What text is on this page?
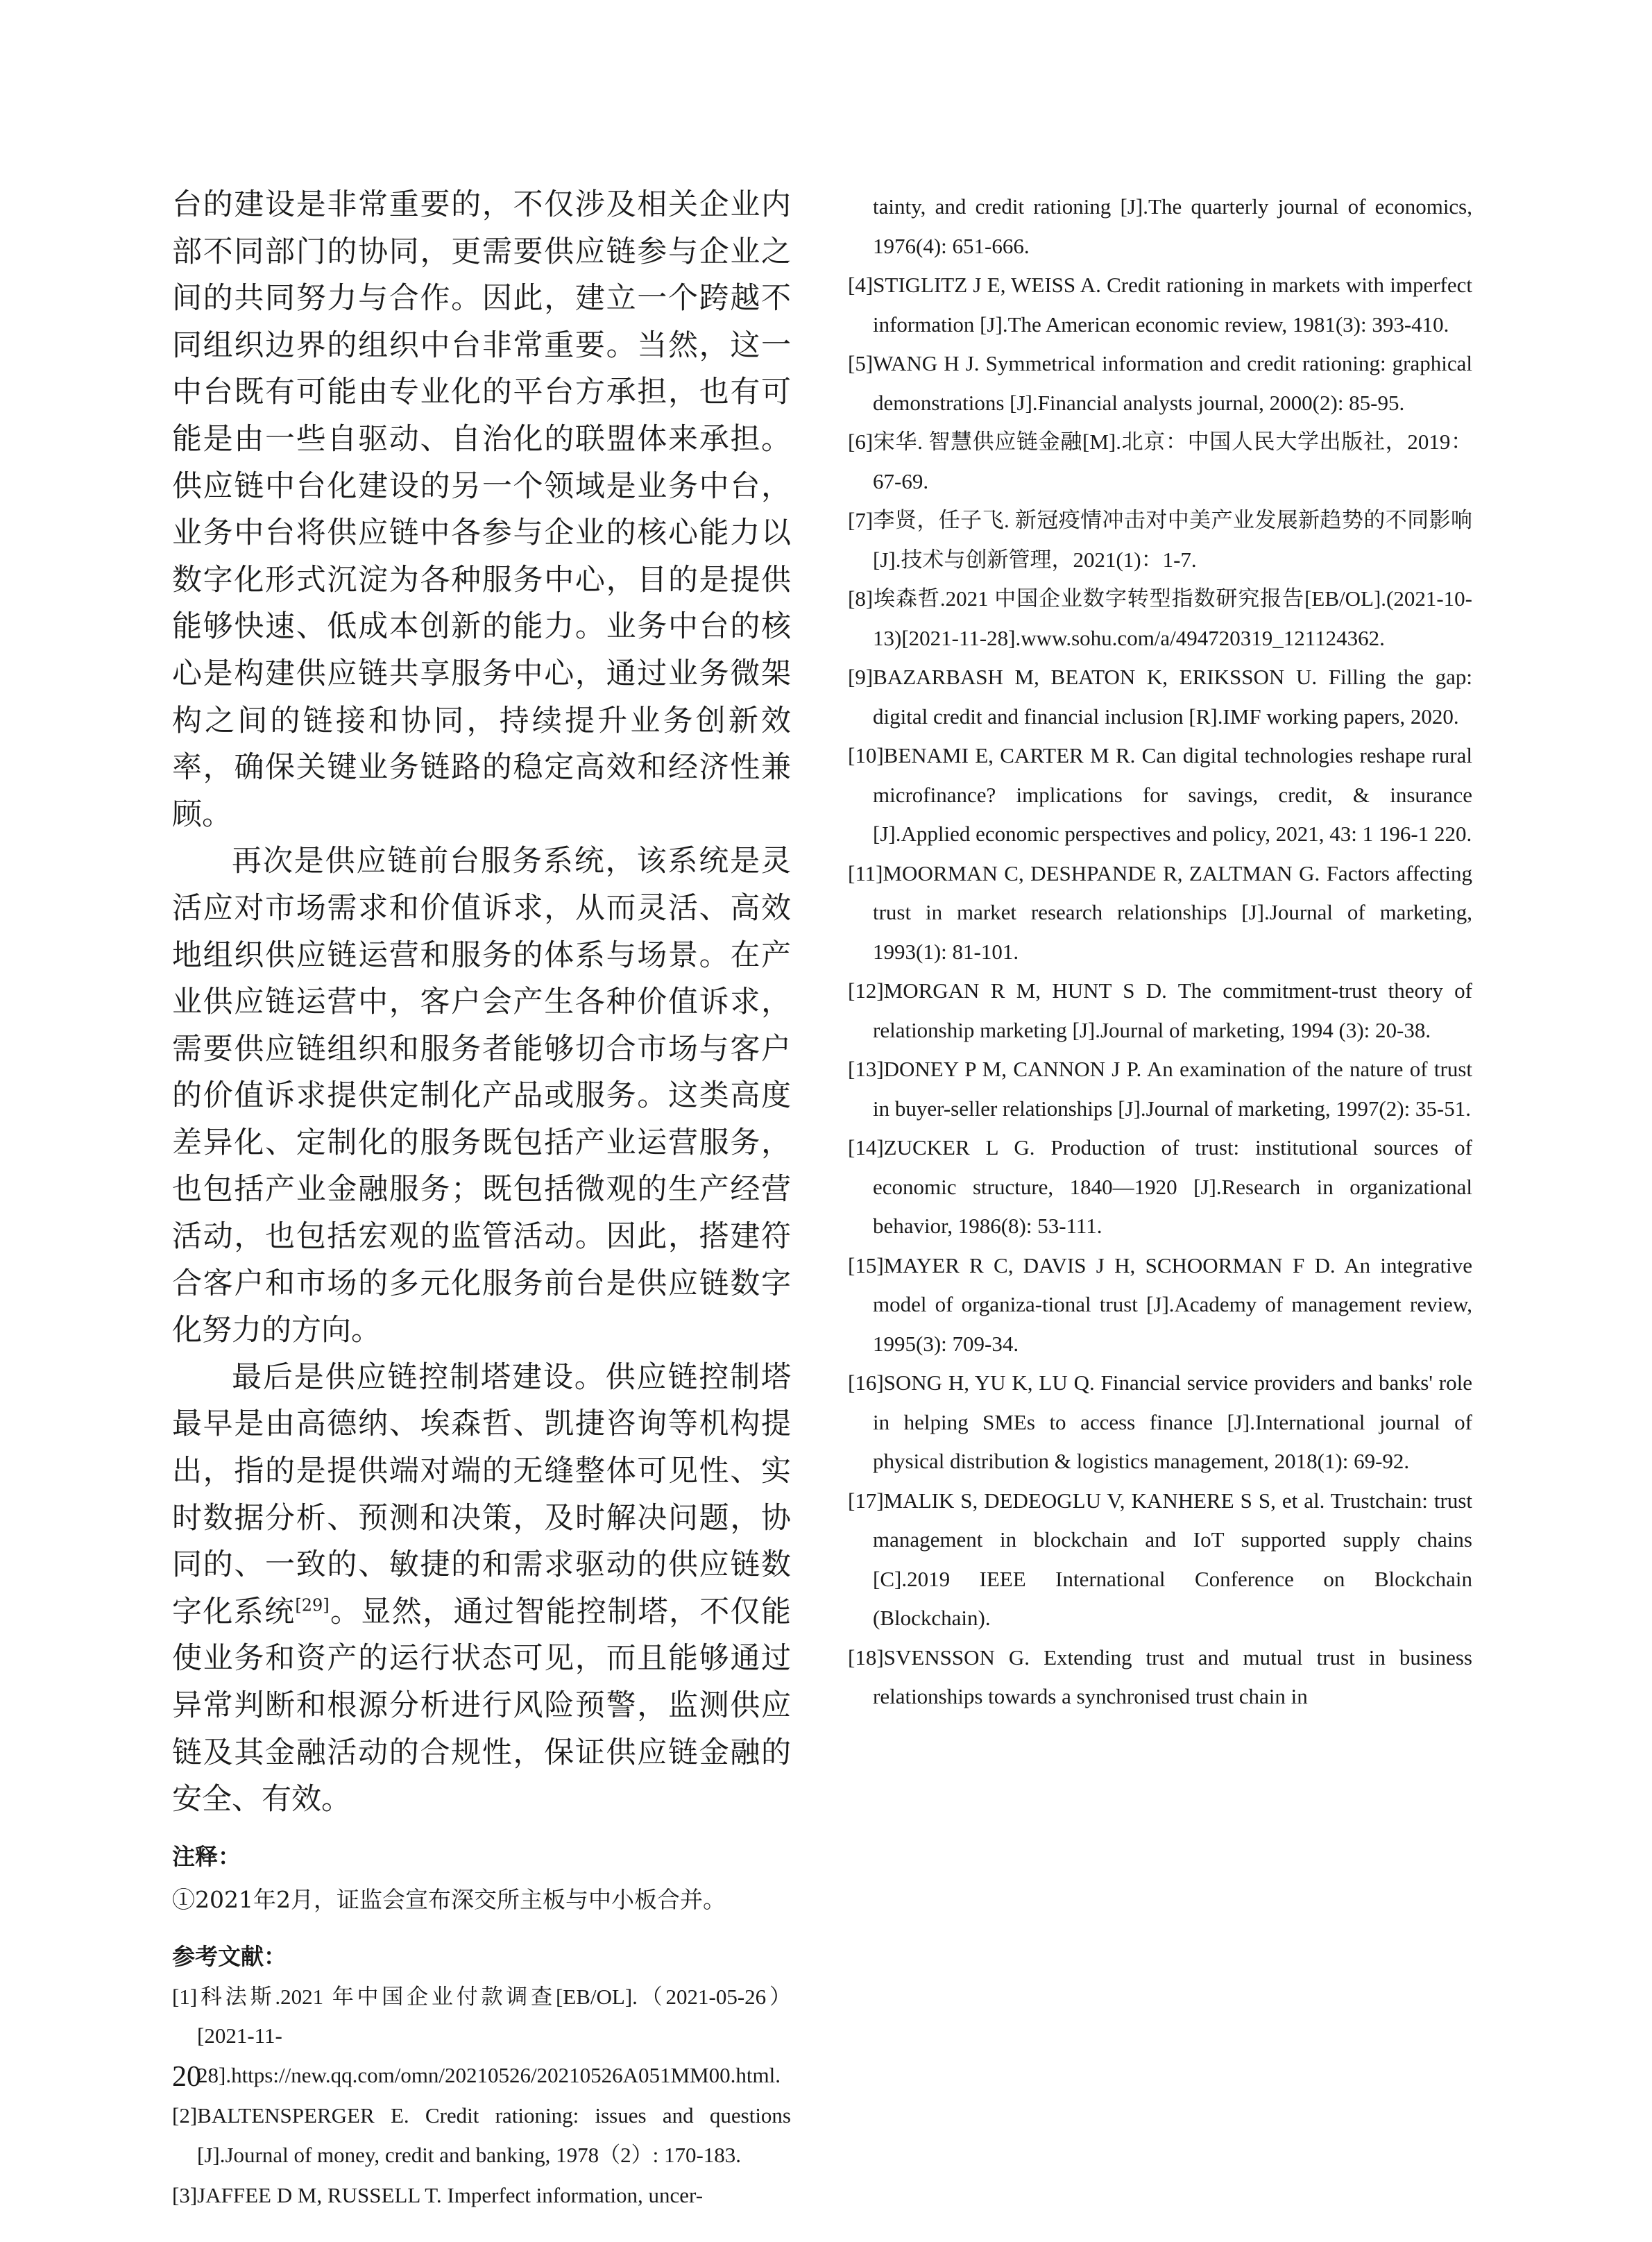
台的建设是非常重要的，不仅涉及相关企业内部不同部门的协同，更需要供应链参与企业之间的共同努力与合作。因此，建立一个跨越不同组织边界的组织中台非常重要。当然，这一中台既有可能由专业化的平台方承担，也有可能是由一些自驱动、自治化的联盟体来承担。供应链中台化建设的另一个领域是业务中台，业务中台将供应链中各参与企业的核心能力以数字化形式沉淀为各种服务中心，目的是提供能够快速、低成本创新的能力。业务中台的核心是构建供应链共享服务中心，通过业务微架构之间的链接和协同，持续提升业务创新效率，确保关键业务链路的稳定高效和经济性兼顾。

再次是供应链前台服务系统，该系统是灵活应对市场需求和价值诉求，从而灵活、高效地组织供应链运营和服务的体系与场景。在产业供应链运营中，客户会产生各种价值诉求，需要供应链组织和服务者能够切合市场与客户的价值诉求提供定制化产品或服务。这类高度差异化、定制化的服务既包括产业运营服务，也包括产业金融服务；既包括微观的生产经营活动，也包括宏观的监管活动。因此，搭建符合客户和市场的多元化服务前台是供应链数字化努力的方向。

最后是供应链控制塔建设。供应链控制塔最早是由高德纳、埃森哲、凯捷咨询等机构提出，指的是提供端对端的无缝整体可见性、实时数据分析、预测和决策，及时解决问题，协同的、一致的、敏捷的和需求驱动的供应链数字化系统[29]。显然，通过智能控制塔，不仅能使业务和资产的运行状态可见，而且能够通过异常判断和根源分析进行风险预警，监测供应链及其金融活动的合规性，保证供应链金融的安全、有效。

注释：
①2021年2月，证监会宣布深交所主板与中小板合并。
参考文献：
[1]科法斯.2021 年中国企业付款调查[EB/OL].（2021-05-26）[2021-11-28].https://new.qq.com/omn/20210526/20210526A051MM00.html.
[2]BALTENSPERGER E. Credit rationing: issues and questions [J].Journal of money, credit and banking, 1978（2）: 170-183.
[3]JAFFEE D M, RUSSELL T. Imperfect information, uncer-
tainty, and credit rationing [J].The quarterly journal of economics, 1976(4): 651-666.
[4]STIGLITZ J E, WEISS A. Credit rationing in markets with imperfect information [J].The American economic review, 1981(3): 393-410.
[5]WANG H J. Symmetrical information and credit rationing: graphical demonstrations [J].Financial analysts journal, 2000(2): 85-95.
[6]宋华. 智慧供应链金融[M].北京：中国人民大学出版社，2019：67-69.
[7]李贤，任子飞. 新冠疫情冲击对中美产业发展新趋势的不同影响[J].技术与创新管理，2021(1)：1-7.
[8]埃森哲.2021 中国企业数字转型指数研究报告[EB/OL].(2021-10-13)[2021-11-28].www.sohu.com/a/494720319_121124362.
[9]BAZARBASH M, BEATON K, ERIKSSON U. Filling the gap: digital credit and financial inclusion [R].IMF working papers, 2020.
[10]BENAMI E, CARTER M R. Can digital technologies reshape rural microfinance? implications for savings, credit, & insurance [J].Applied economic perspectives and policy, 2021, 43: 1 196-1 220.
[11]MOORMAN C, DESHPANDE R, ZALTMAN G. Factors affecting trust in market research relationships [J].Journal of marketing, 1993(1): 81-101.
[12]MORGAN R M, HUNT S D. The commitment-trust theory of relationship marketing [J].Journal of marketing, 1994 (3): 20-38.
[13]DONEY P M, CANNON J P. An examination of the nature of trust in buyer-seller relationships [J].Journal of marketing, 1997(2): 35-51.
[14]ZUCKER L G. Production of trust: institutional sources of economic structure, 1840—1920 [J].Research in organizational behavior, 1986(8): 53-111.
[15]MAYER R C, DAVIS J H, SCHOORMAN F D. An integrative model of organiza-tional trust [J].Academy of management review, 1995(3): 709-34.
[16]SONG H, YU K, LU Q. Financial service providers and banks' role in helping SMEs to access finance [J].International journal of physical distribution & logistics management, 2018(1): 69-92.
[17]MALIK S, DEDEOGLU V, KANHERE S S, et al. Trustchain: trust management in blockchain and IoT supported supply chains [C].2019 IEEE International Conference on Blockchain (Blockchain).
[18]SVENSSON G. Extending trust and mutual trust in business relationships towards a synchronised trust chain in
20
